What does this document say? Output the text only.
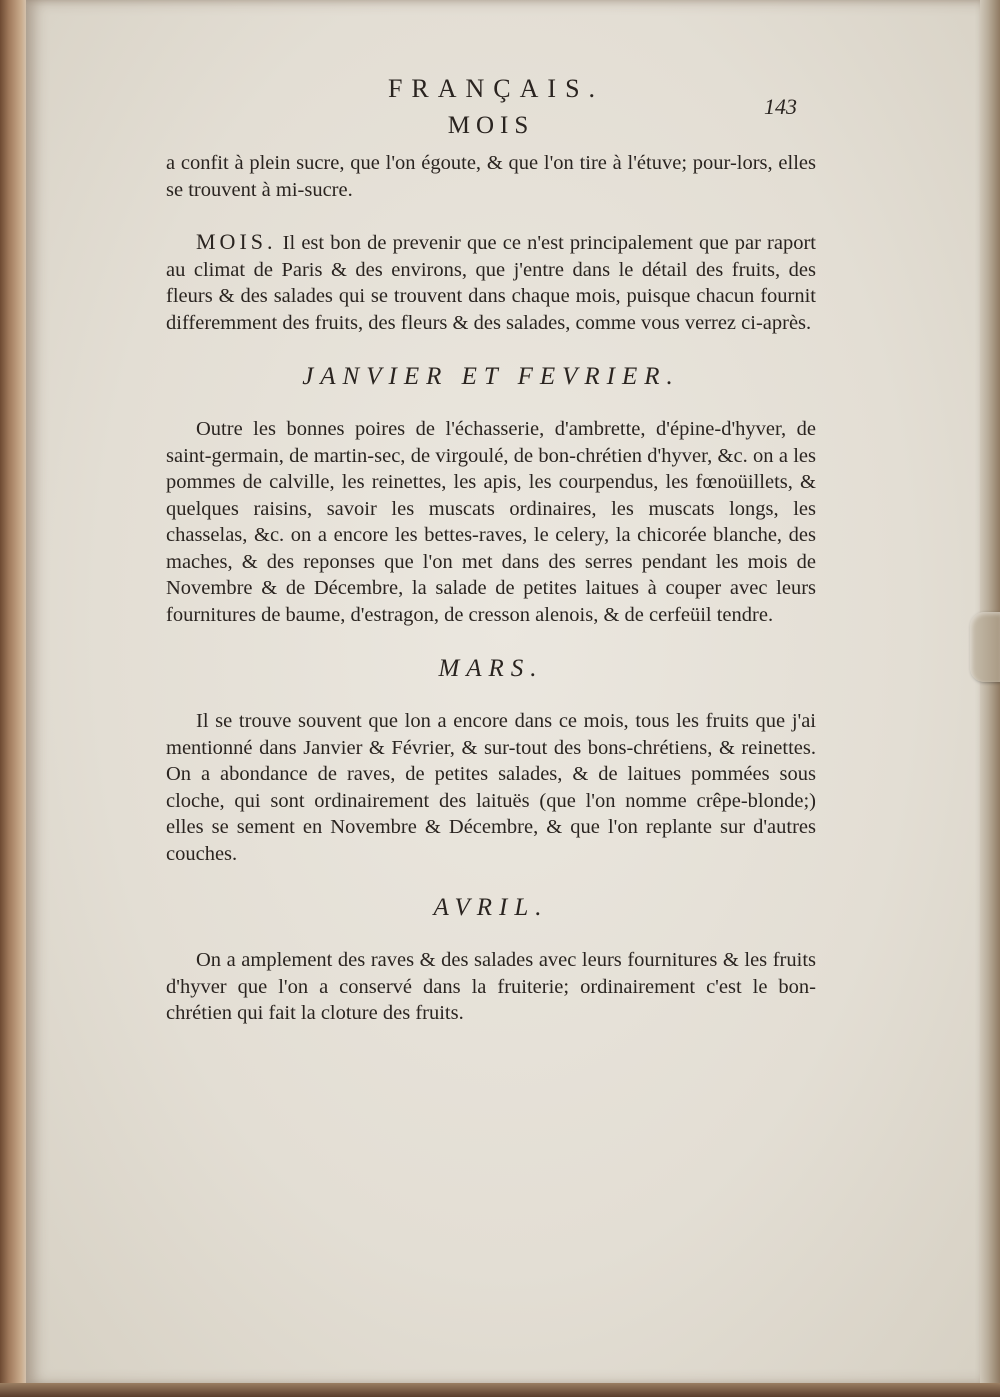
FRANÇAIS.
143
MOIS

a confit à plein sucre, que l'on égoute, & que l'on tire à l'étuve; pour-lors, elles se trouvent à mi-sucre.

MOIS. Il est bon de prevenir que ce n'est principalement que par raport au climat de Paris & des environs, que j'entre dans le détail des fruits, des fleurs & des salades qui se trouvent dans chaque mois, puisque chacun fournit differemment des fruits, des fleurs & des salades, comme vous verrez ci-après.

JANVIER ET FEVRIER.

Outre les bonnes poires de l'échasserie, d'ambrette, d'épine-d'hyver, de saint-germain, de martin-sec, de virgoulé, de bon-chrétien d'hyver, &c. on a les pommes de calville, les reinettes, les apis, les courpendus, les fœnoüillets, & quelques raisins, savoir les muscats ordinaires, les muscats longs, les chasselas, &c. on a encore les bettes-raves, le celery, la chicorée blanche, des maches, & des reponses que l'on met dans des serres pendant les mois de Novembre & de Décembre, la salade de petites laitues à couper avec leurs fournitures de baume, d'estragon, de cresson alenois, & de cerfeüil tendre.

MARS.

Il se trouve souvent que lon a encore dans ce mois, tous les fruits que j'ai mentionné dans Janvier & Février, & sur-tout des bons-chrétiens, & reinettes. On a abondance de raves, de petites salades, & de laitues pommées sous cloche, qui sont ordinairement des laituës (que l'on nomme crêpe-blonde;) elles se sement en Novembre & Décembre, & que l'on replante sur d'autres couches.

AVRIL.

On a amplement des raves & des salades avec leurs fournitures & les fruits d'hyver que l'on a conservé dans la fruiterie; ordinairement c'est le bon-chrétien qui fait la cloture des fruits.
